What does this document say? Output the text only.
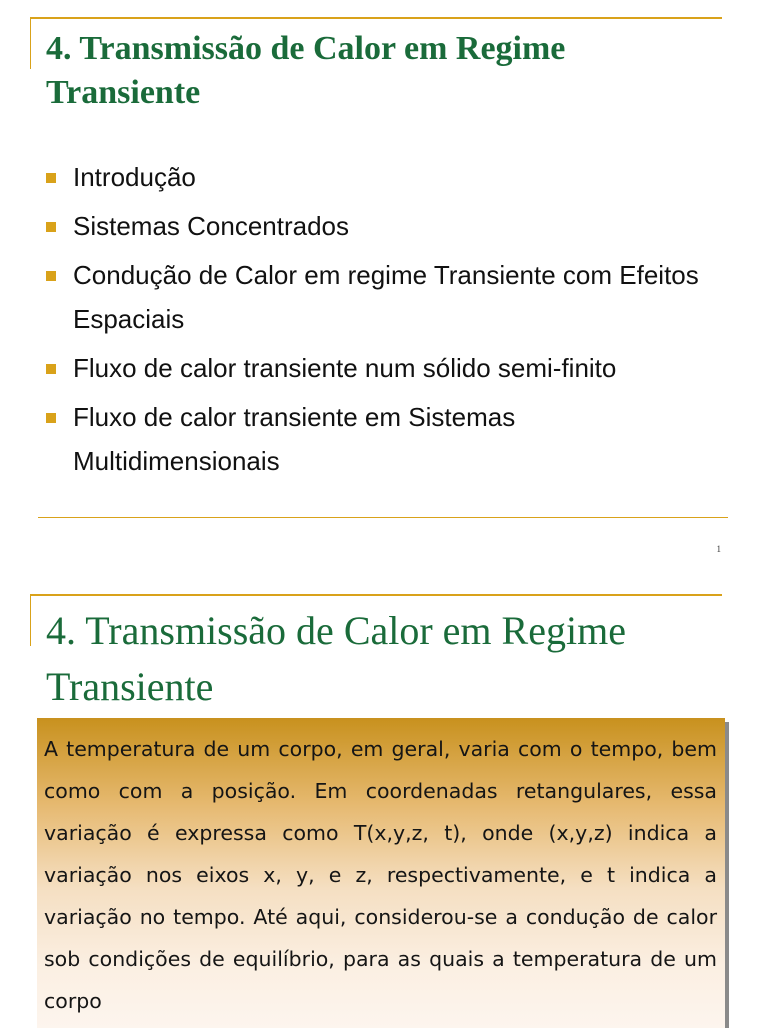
4. Transmissão de Calor em Regime Transiente
Introdução
Sistemas Concentrados
Condução de Calor em regime Transiente com Efeitos Espaciais
Fluxo de calor transiente num sólido semi-finito
Fluxo de calor transiente em Sistemas Multidimensionais
1
4. Transmissão de Calor em Regime Transiente

A temperatura de um corpo, em geral, varia com o tempo, bem como com a posição. Em coordenadas retangulares, essa variação é expressa como T(x,y,z, t), onde (x,y,z) indica a variação nos eixos x, y, e z, respectivamente, e t indica a variação no tempo. Até aqui, considerou-se a condução de calor sob condições de equilíbrio, para as quais a temperatura de um corpo
